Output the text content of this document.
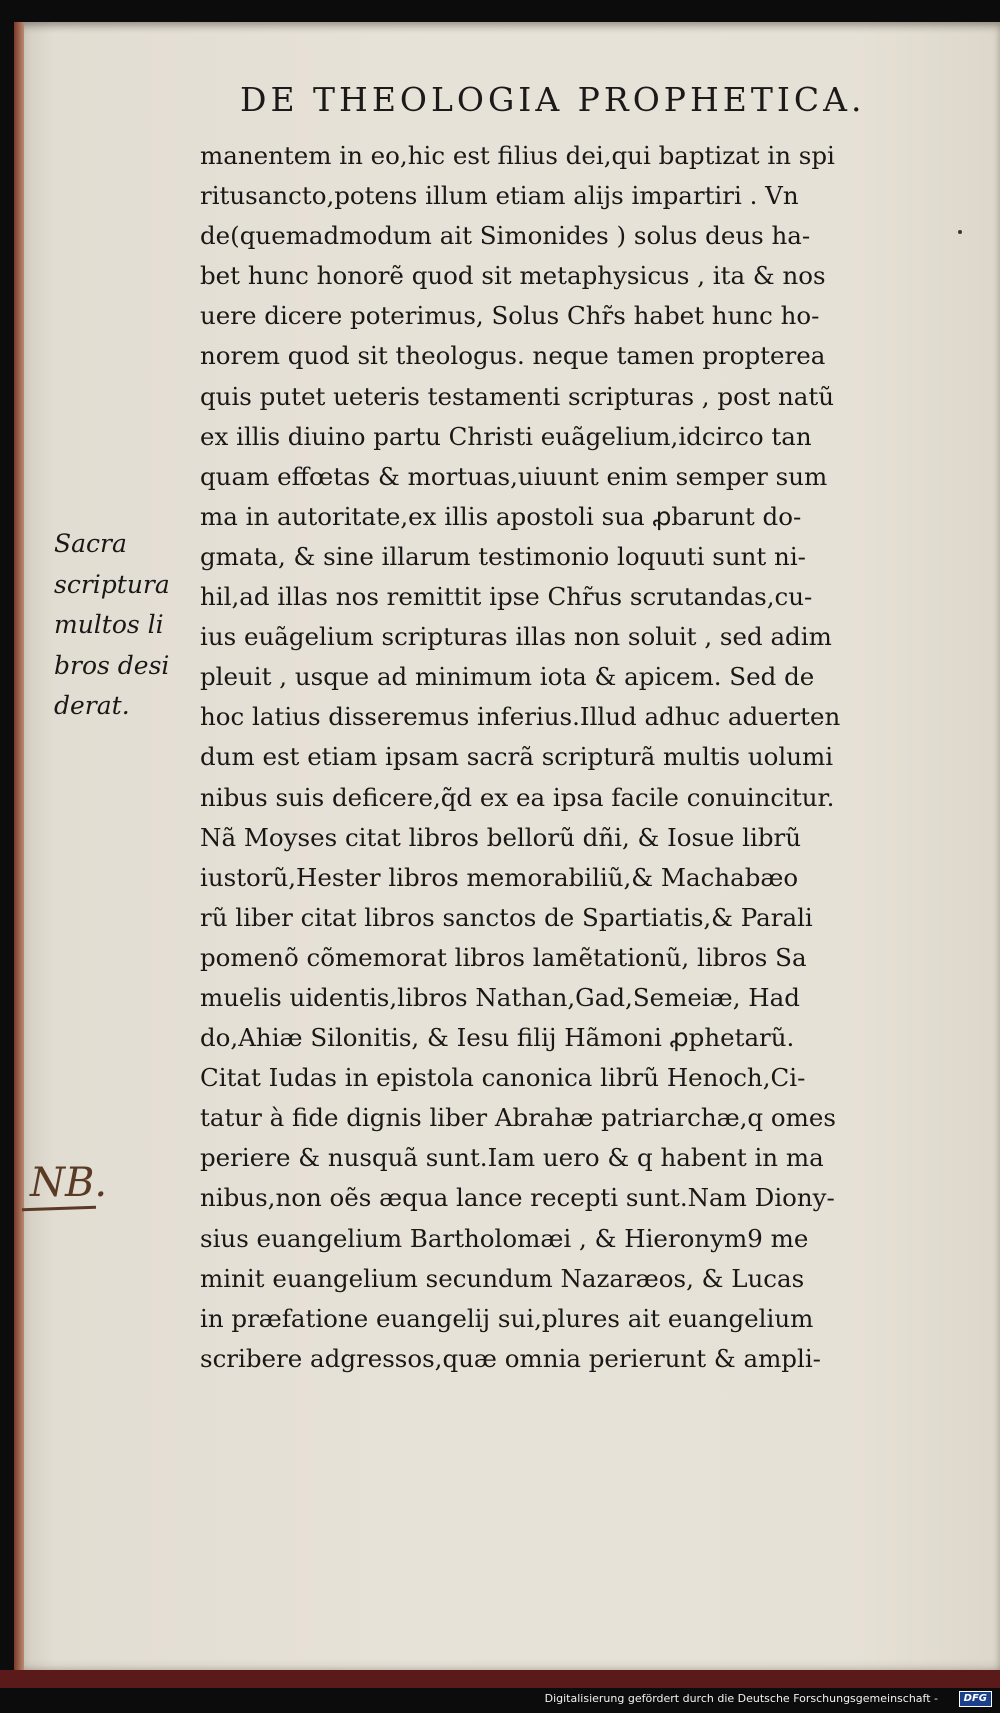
DE THEOLOGIA PROPHETICA.
manentem in eo,hic est filius dei,qui baptizat in spi
ritusancto,potens illum etiam alijs impartiri . Vn
de(quemadmodum ait Simonides ) solus deus ha-
bet hunc honorẽ quod sit metaphysicus , ita & nos
uere dicere poterimus, Solus Chr̃s habet hunc ho-
norem quod sit theologus. neque tamen propterea
quis putet ueteris testamenti scripturas , post natũ
ex illis diuino partu Christi euãgelium,idcirco tan
quam effœtas & mortuas,uiuunt enim semper sum
ma in autoritate,ex illis apostoli sua ꝓbarunt do-
gmata, & sine illarum testimonio loquuti sunt ni-
hil,ad illas nos remittit ipse Chr̃us scrutandas,cu-
ius euãgelium scripturas illas non soluit , sed adim
pleuit , usque ad minimum iota & apicem. Sed de
hoc latius disseremus inferius.Illud adhuc aduerten
dum est etiam ipsam sacrã scripturã multis uolumi
nibus suis deficere,q̃d ex ea ipsa facile conuincitur.
Nã Moyses citat libros bellorũ dñi, & Iosue librũ
iustorũ,Hester libros memorabiliũ,& Machabæo
rũ liber citat libros sanctos de Spartiatis,& Parali
pomenõ cõmemorat libros lamẽtationũ, libros Sa
muelis uidentis,libros Nathan,Gad,Semeiæ, Had
do,Ahiæ Silonitis, & Iesu filij Hãmoni ꝓphetarũ.
Citat Iudas in epistola canonica librũ Henoch,Ci-
tatur à fide dignis liber Abrahæ patriarchæ,q omes
periere & nusquã sunt.Iam uero & q habent in ma
nibus,non oẽs æqua lance recepti sunt.Nam Diony-
sius euangelium Bartholomæi , & Hieronym9 me
minit euangelium secundum Nazaræos, & Lucas
in præfatione euangelij sui,plures ait euangelium
scribere adgressos,quæ omnia perierunt & ampli-
Sacra
scriptura
multos li
bros desi
derat.
NB.
Digitalisierung gefördert durch die Deutsche Forschungsgemeinschaft -	DFG
